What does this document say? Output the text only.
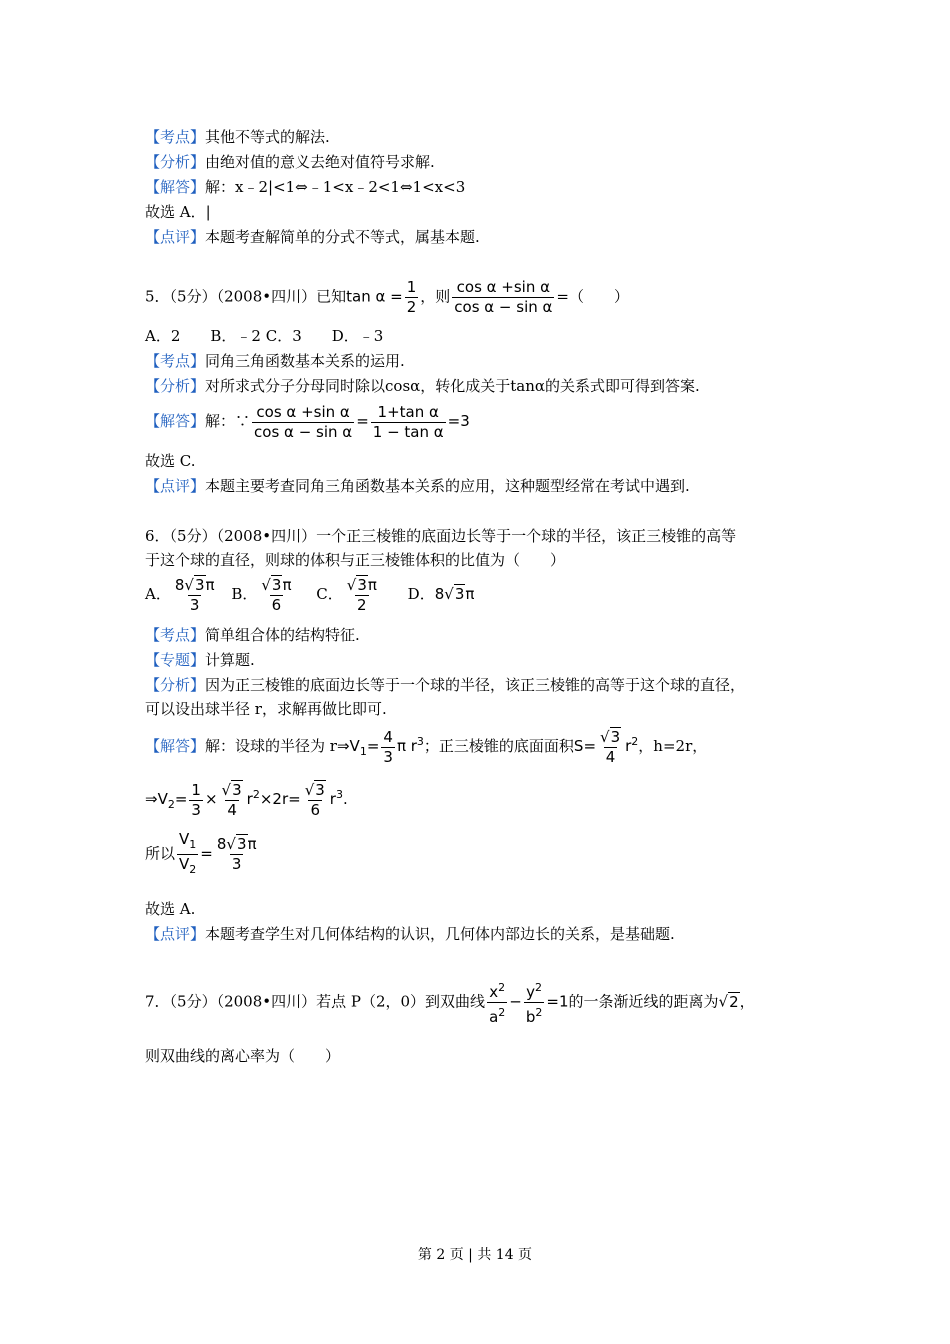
【考点】其他不等式的解法.
【分析】由绝对值的意义去绝对值符号求解.
【解答】解：x﹣2|<1⇔﹣1<x﹣2<1⇔1<x<3
故选 A．|
【点评】本题考查解简单的分式不等式，属基本题.
5．（5分）（2008•四川）已知$\tan \alpha = \frac{1}{2}$ ，则 $\frac{\text{cos α +sin α}}{\text{cos α − sin α}}$ =（　　）
A．2　　B．﹣2 C．3　　D．﹣3
【考点】同角三角函数基本关系的运用.
【分析】对所求式分子分母同时除以cosα，转化成关于tanα的关系式即可得到答案.
【解答】解：∵ $\frac{\text{cos α +sin α}}{\text{cos α − sin α}} = \frac{\text{1+tan α}}{\text{1 − tan α}} =3$
故选 C.
【点评】本题主要考查同角三角函数基本关系的应用，这种题型经常在考试中遇到.
6．（5分）（2008•四川）一个正三棱锥的底面边长等于一个球的半径，该正三棱锥的高等
于这个球的直径，则球的体积与正三棱锥体积的比值为（　　）
A． $\frac{8√3\pi}{3}$ B． $\frac{√3\pi}{6}$ C． $\frac{√3\pi}{2}$ D．8√3π
【考点】简单组合体的结构特征.
【专题】计算题.
【分析】因为正三棱锥的底面边长等于一个球的半径，该正三棱锥的高等于这个球的直径，
可以设出球半径 r，求解再做比即可.
【解答】解：设球的半径为 $r\Rightarrow V_1= \frac{4}{3}$ π $r^3$；正三棱锥的底面面积$S= \frac{√3}{4} r^2$，h=2r，
$\Rightarrow V_2= \frac{1}{3} \times \frac{√3}{4} r^2\times 2r= \frac{√3}{6} r^3$.
所以 $\frac{V_1}{V_2} = \frac{8√3\pi}{3}$
故选 A.
【点评】本题考查学生对几何体结构的认识，几何体内部边长的关系，是基础题.
7．（5分）（2008•四川）若点 P（2，0）到双曲线 $\frac{x^2}{a^2} - \frac{y^2}{b^2} =1$的一条渐近线的距离为√2，
则双曲线的离心率为（　　）
第 2 页 | 共 14 页
